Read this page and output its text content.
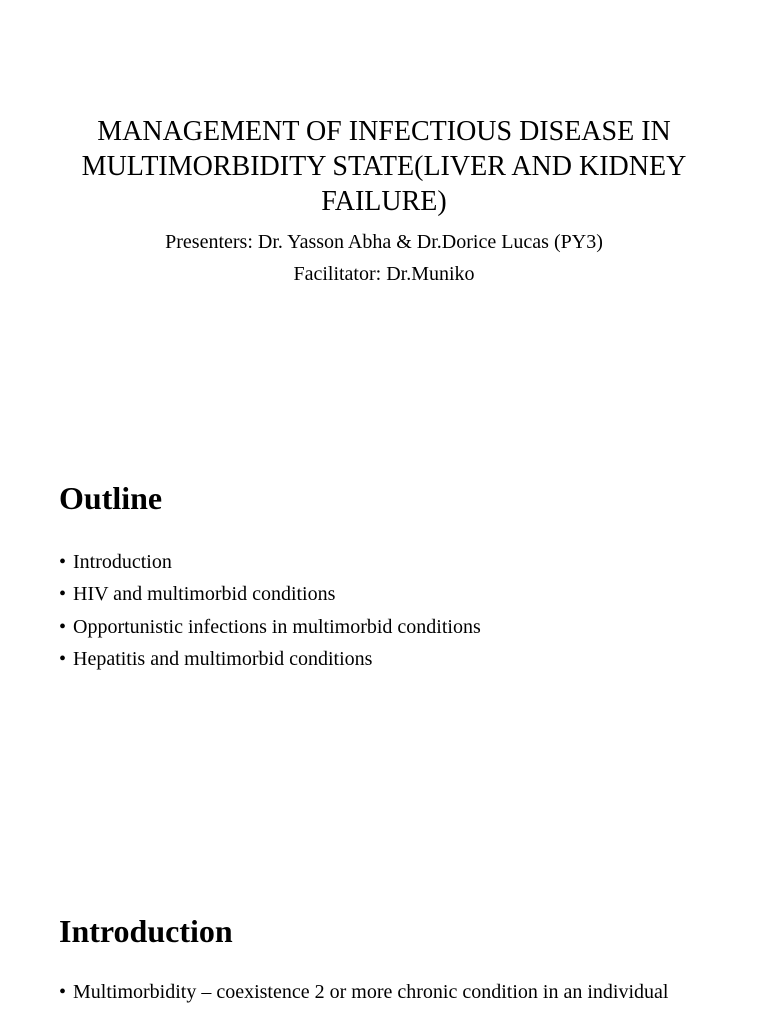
MANAGEMENT OF INFECTIOUS DISEASE IN MULTIMORBIDITY STATE(LIVER AND KIDNEY FAILURE)

Presenters: Dr. Yasson Abha & Dr.Dorice Lucas (PY3)

Facilitator: Dr.Muniko

Outline
• Introduction
• HIV and multimorbid conditions
• Opportunistic infections in multimorbid conditions
• Hepatitis and multimorbid conditions
Introduction
• Multimorbidity – coexistence 2 or more chronic condition in an individual
